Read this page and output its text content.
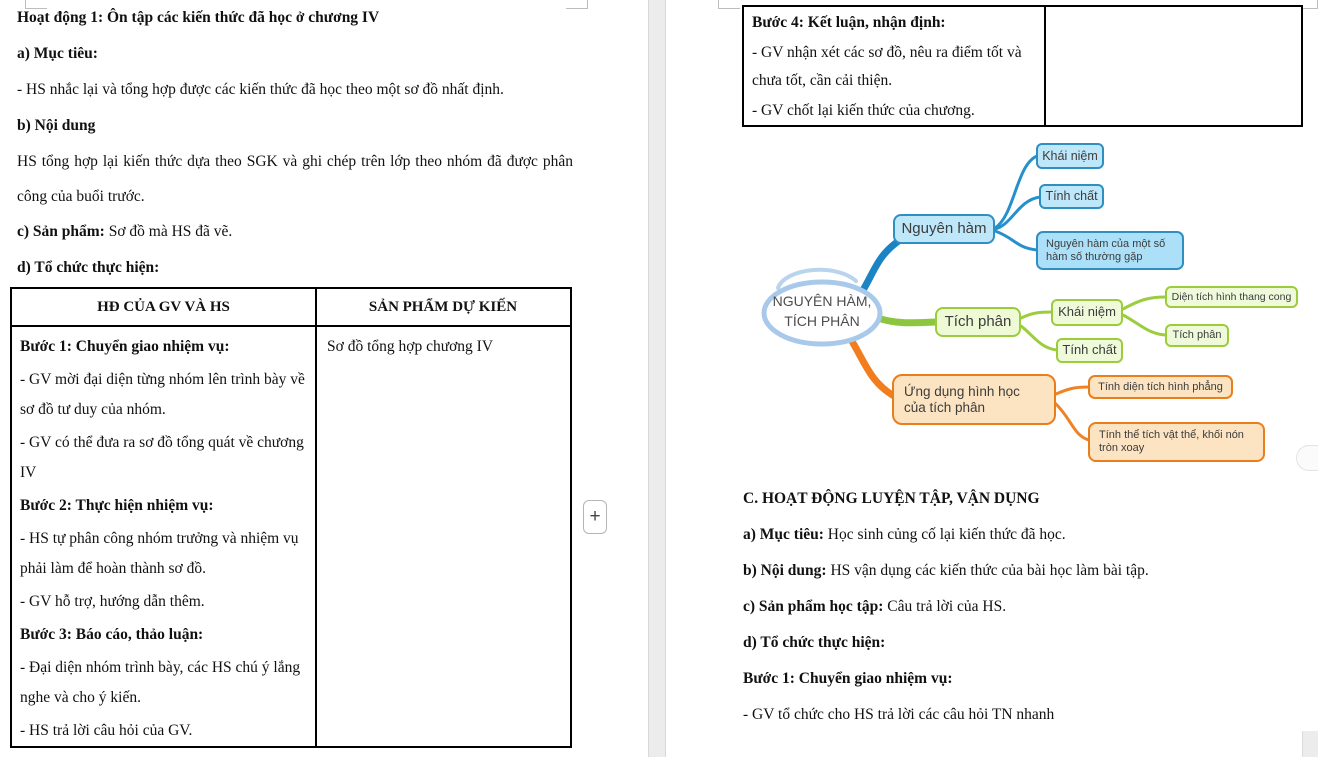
Hoạt động 1: Ôn tập các kiến thức đã học ở chương IV

a) Mục tiêu:

- HS nhắc lại và tổng hợp được các kiến thức đã học theo một sơ đồ nhất định.

b) Nội dung

HS tổng hợp lại kiến thức dựa theo SGK và ghi chép trên lớp theo nhóm đã được phân công của buổi trước.

c) Sản phẩm: Sơ đồ mà HS đã vẽ.

d) Tổ chức thực hiện:

HĐ CỦA GV VÀ HS	SẢN PHẨM DỰ KIẾN

Bước 1: Chuyển giao nhiệm vụ:

- GV mời đại diện từng nhóm lên trình bày về sơ đồ tư duy của nhóm.

- GV có thể đưa ra sơ đồ tổng quát về chương IV

Bước 2: Thực hiện nhiệm vụ:

- HS tự phân công nhóm trưởng và nhiệm vụ phải làm để hoàn thành sơ đồ.

- GV hỗ trợ, hướng dẫn thêm.

Bước 3: Báo cáo, thảo luận:

- Đại diện nhóm trình bày, các HS chú ý lắng nghe và cho ý kiến.

- HS trả lời câu hỏi của GV.

Sơ đồ tổng hợp chương IV

+

Bước 4: Kết luận, nhận định:

- GV nhận xét các sơ đồ, nêu ra điểm tốt và chưa tốt, cần cải thiện.

- GV chốt lại kiến thức của chương.

NGUYÊN HÀM,
TÍCH PHÂN
Nguyên hàm
Khái niệm
Tính chất
Nguyên hàm của một số hàm số thường gặp
Tích phân
Khái niệm
Tính chất
Diện tích hình thang cong
Tích phân
Ứng dụng hình học của tích phân
Tính diện tích hình phẳng
Tính thể tích vật thể, khối nón tròn xoay

C. HOẠT ĐỘNG LUYỆN TẬP, VẬN DỤNG

a) Mục tiêu: Học sinh củng cố lại kiến thức đã học.

b) Nội dung: HS vận dụng các kiến thức của bài học làm bài tập.

c) Sản phẩm học tập: Câu trả lời của HS.

d) Tổ chức thực hiện:

Bước 1: Chuyển giao nhiệm vụ:

- GV tổ chức cho HS trả lời các câu hỏi TN nhanh
